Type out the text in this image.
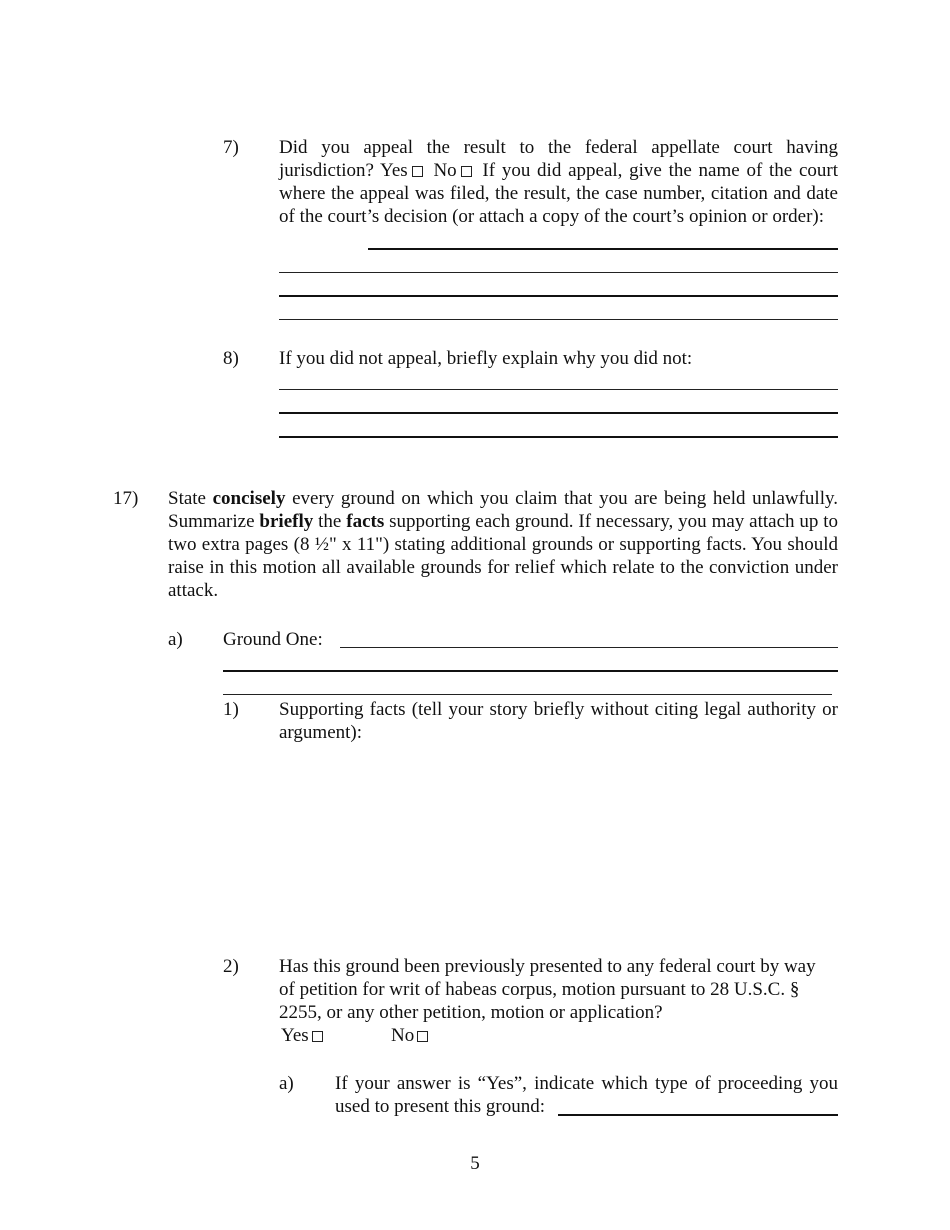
7) Did you appeal the result to the federal appellate court having jurisdiction? Yes No If you did appeal, give the name of the court where the appeal was filed, the result, the case number, citation and date of the court’s decision (or attach a copy of the court’s opinion or order):
8) If you did not appeal, briefly explain why you did not:
17) State concisely every ground on which you claim that you are being held unlawfully. Summarize briefly the facts supporting each ground. If necessary, you may attach up to two extra pages (8 ½" x 11") stating additional grounds or supporting facts. You should raise in this motion all available grounds for relief which relate to the conviction under attack.
a) Ground One:
1) Supporting facts (tell your story briefly without citing legal authority or argument):
2) Has this ground been previously presented to any federal court by way of petition for writ of habeas corpus, motion pursuant to 28 U.S.C. § 2255, or any other petition, motion or application?
Yes	No
a) If your answer is “Yes”, indicate which type of proceeding you used to present this ground:
5
